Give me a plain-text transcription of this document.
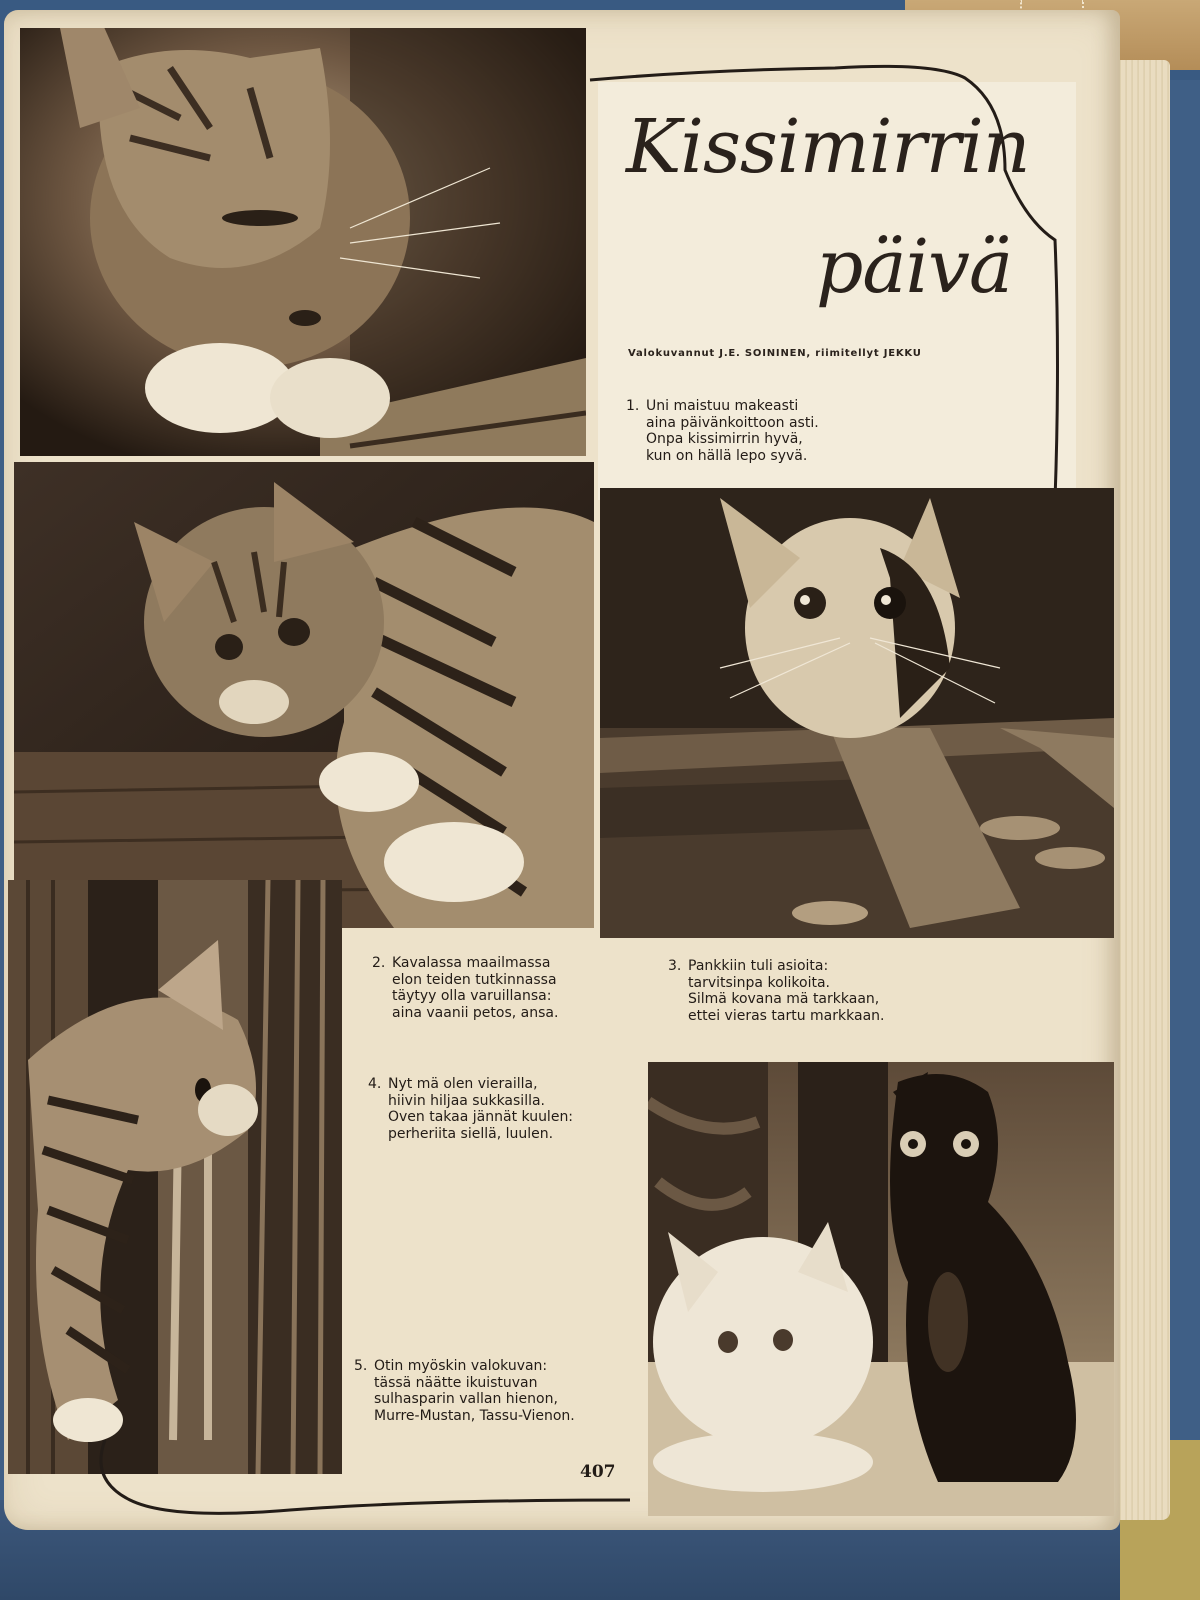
Kissimirrin
päivä
Valokuvannut J.E. SOININEN, riimitellyt JEKKU
1. Uni maistuu makeasti
aina päivänkoittoon asti.
Onpa kissimirrin hyvä,
kun on hällä lepo syvä.
2. Kavalassa maailmassa
elon teiden tutkinnassa
täytyy olla varuillansa:
aina vaanii petos, ansa.
3. Pankkiin tuli asioita:
tarvitsinpa kolikoita.
Silmä kovana mä tarkkaan,
ettei vieras tartu markkaan.
4. Nyt mä olen vierailla,
hiivin hiljaa sukkasilla.
Oven takaa jännät kuulen:
perheriita siellä, luulen.
5. Otin myöskin valokuvan:
tässä näätte ikuistuvan
sulhasparin vallan hienon,
Murre-Mustan, Tassu-Vienon.
407
